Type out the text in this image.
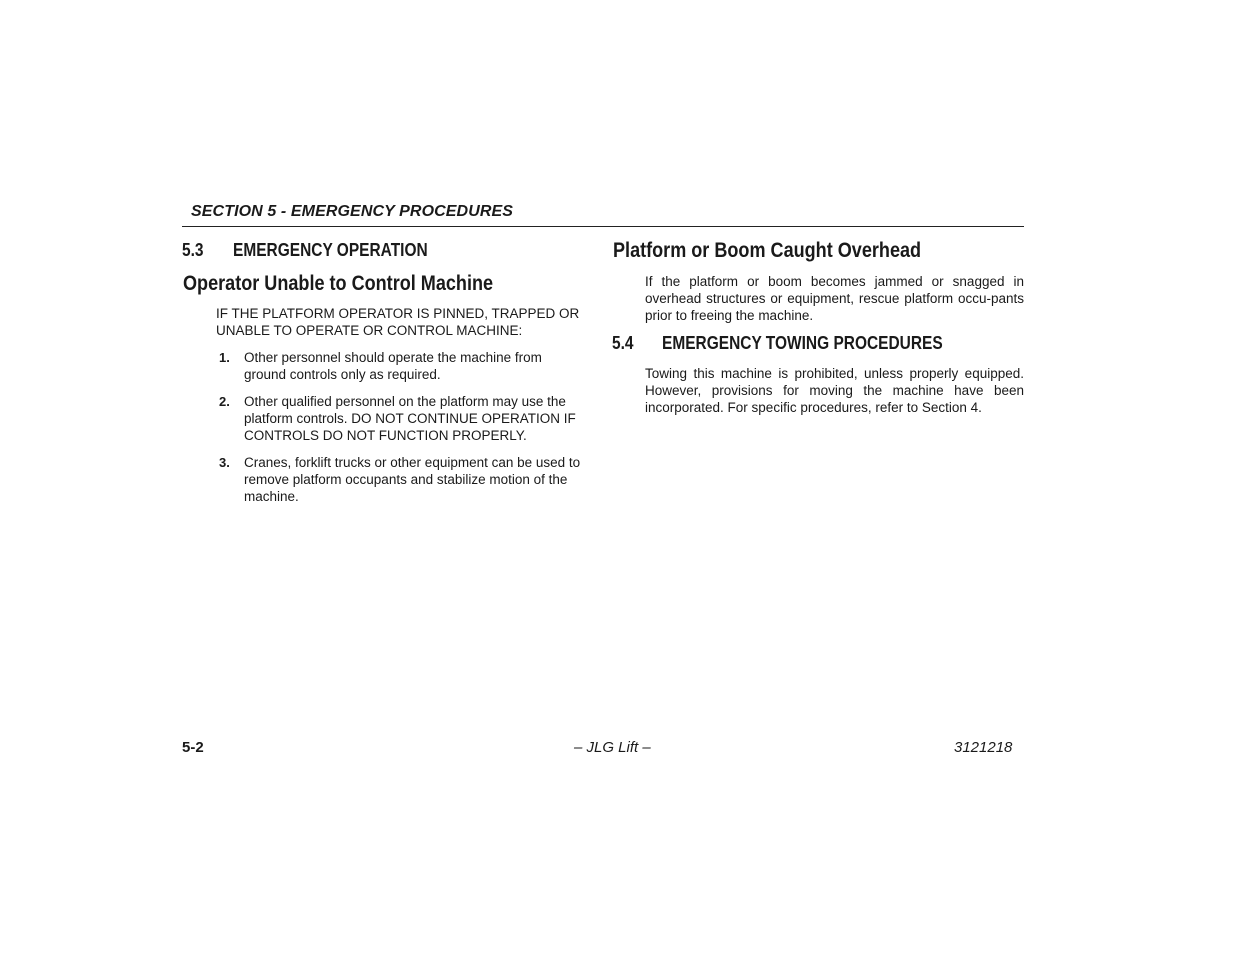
SECTION 5 - EMERGENCY PROCEDURES
5.3 EMERGENCY OPERATION
Operator Unable to Control Machine
IF THE PLATFORM OPERATOR IS PINNED, TRAPPED OR UNABLE TO OPERATE OR CONTROL MACHINE:
1. Other personnel should operate the machine from
ground controls only as required.
2. Other qualified personnel on the platform may use the
platform controls. DO NOT CONTINUE OPERATION IF
CONTROLS DO NOT FUNCTION PROPERLY.
3. Cranes, forklift trucks or other equipment can be used to
remove platform occupants and stabilize motion of the
machine.
Platform or Boom Caught Overhead
If the platform or boom becomes jammed or snagged in overhead structures or equipment, rescue platform occu-pants prior to freeing the machine.
5.4 EMERGENCY TOWING PROCEDURES
Towing this machine is prohibited, unless properly equipped. However, provisions for moving the machine have been incorporated. For specific procedures, refer to Section 4.
5-2	– JLG Lift –	3121218
